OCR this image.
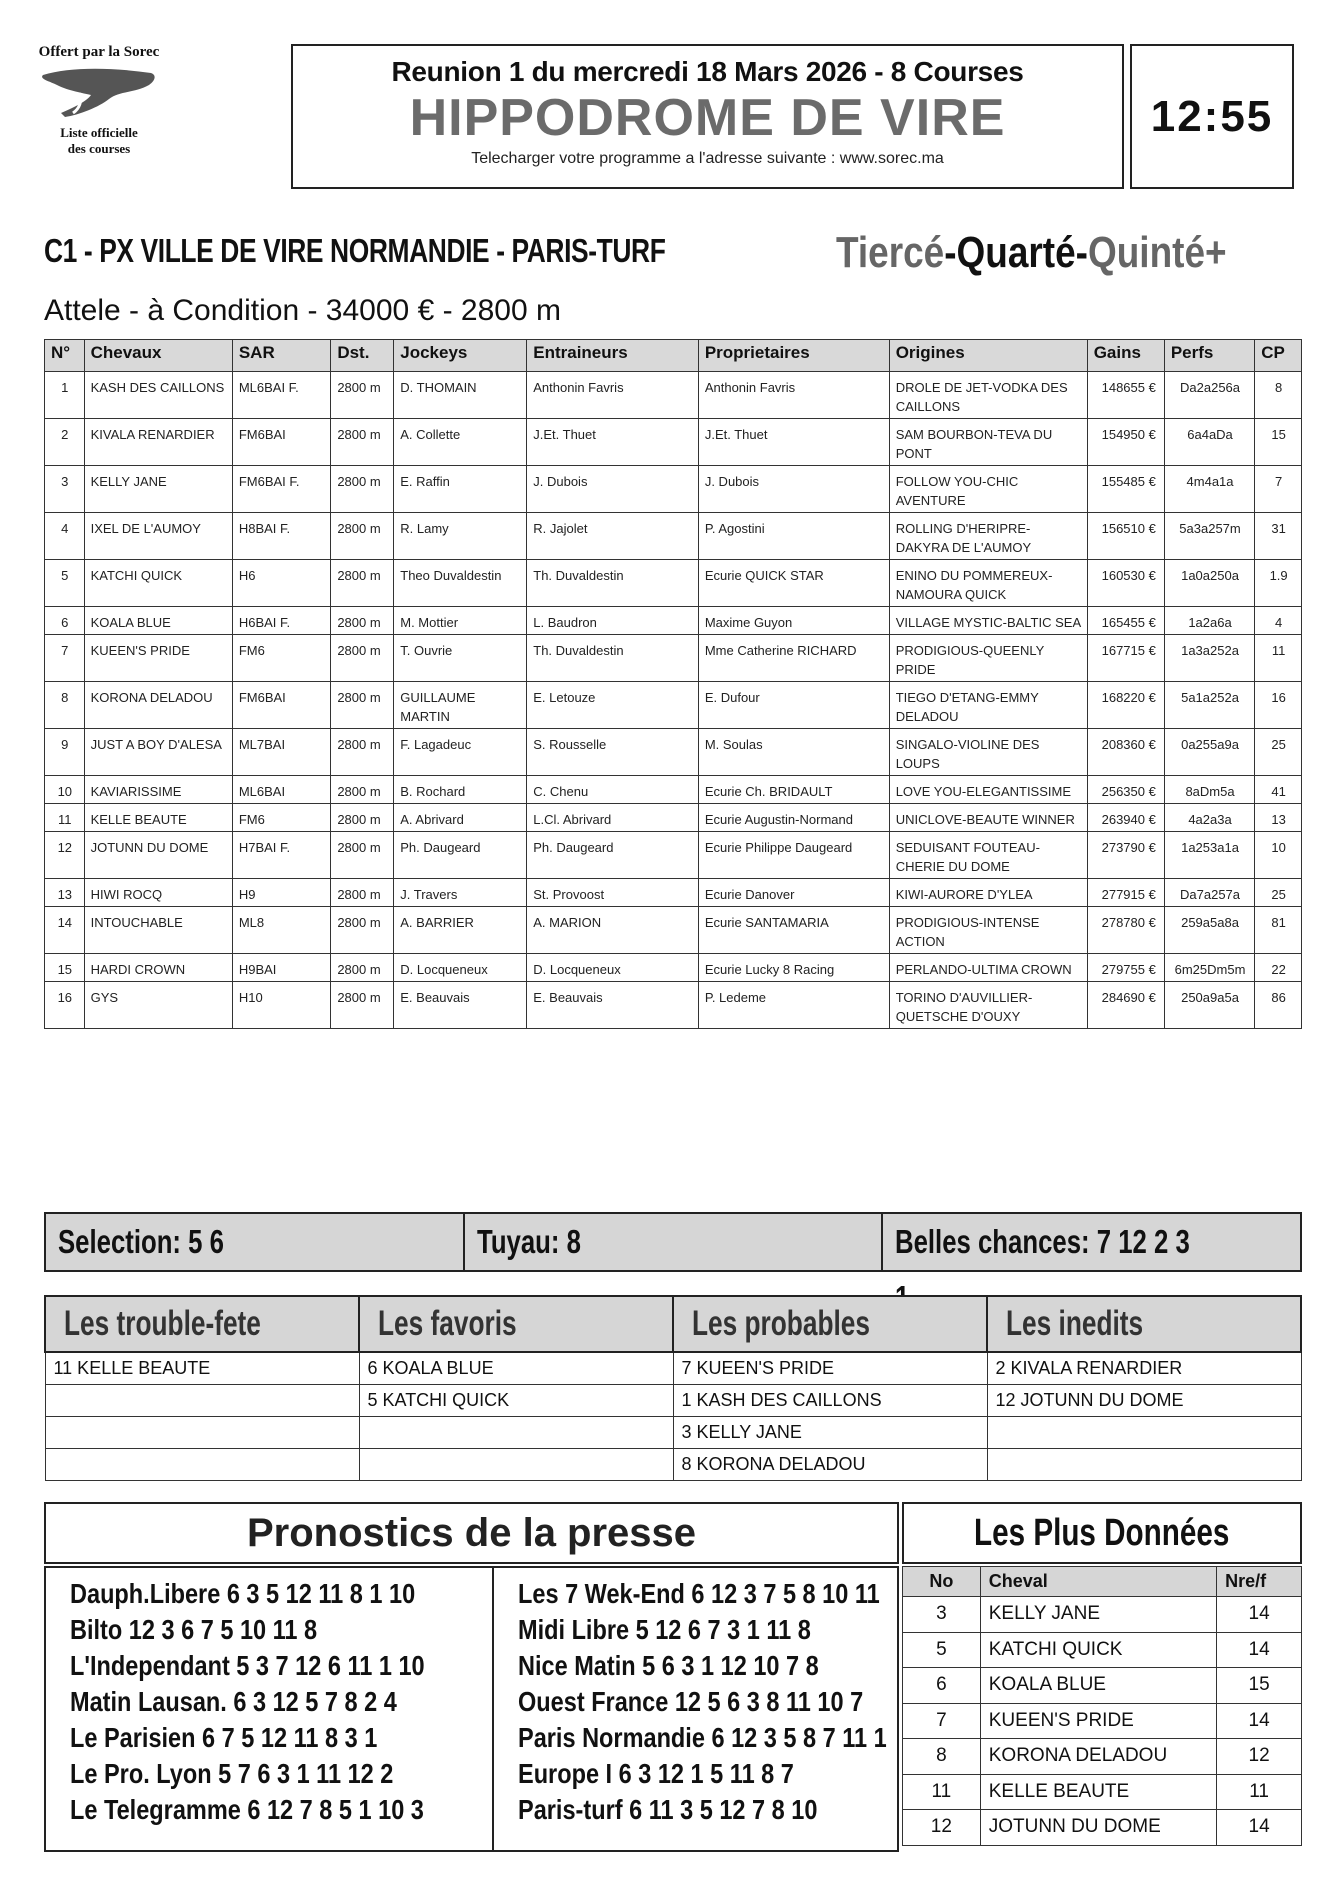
Offert par la Sorec
Liste officielle
des courses
Reunion 1 du mercredi 18 Mars 2026 - 8 Courses
HIPPODROME DE VIRE
Telecharger votre programme a l'adresse suivante : www.sorec.ma
12:55
C1 - PX VILLE DE VIRE NORMANDIE - PARIS-TURF	Tiercé-Quarté-Quinté+
Attele - à Condition - 34000 € - 2800 m
N°	Chevaux	SAR	Dst.	Jockeys	Entraineurs	Proprietaires	Origines	Gains	Perfs	CP
1	KASH DES CAILLONS	ML6BAI F.	2800 m	D. THOMAIN	Anthonin Favris	Anthonin Favris	DROLE DE JET-VODKA DES CAILLONS	148655 €	Da2a256a	8
2	KIVALA RENARDIER	FM6BAI	2800 m	A. Collette	J.Et. Thuet	J.Et. Thuet	SAM BOURBON-TEVA DU PONT	154950 €	6a4aDa	15
3	KELLY JANE	FM6BAI F.	2800 m	E. Raffin	J. Dubois	J. Dubois	FOLLOW YOU-CHIC AVENTURE	155485 €	4m4a1a	7
4	IXEL DE L'AUMOY	H8BAI F.	2800 m	R. Lamy	R. Jajolet	P. Agostini	ROLLING D'HERIPRE-DAKYRA DE L'AUMOY	156510 €	5a3a257m	31
5	KATCHI QUICK	H6	2800 m	Theo Duvaldestin	Th. Duvaldestin	Ecurie QUICK STAR	ENINO DU POMMEREUX-NAMOURA QUICK	160530 €	1a0a250a	1.9
6	KOALA BLUE	H6BAI F.	2800 m	M. Mottier	L. Baudron	Maxime Guyon	VILLAGE MYSTIC-BALTIC SEA	165455 €	1a2a6a	4
7	KUEEN'S PRIDE	FM6	2800 m	T. Ouvrie	Th. Duvaldestin	Mme Catherine RICHARD	PRODIGIOUS-QUEENLY PRIDE	167715 €	1a3a252a	11
8	KORONA DELADOU	FM6BAI	2800 m	GUILLAUME MARTIN	E. Letouze	E. Dufour	TIEGO D'ETANG-EMMY DELADOU	168220 €	5a1a252a	16
9	JUST A BOY D'ALESA	ML7BAI	2800 m	F. Lagadeuc	S. Rousselle	M. Soulas	SINGALO-VIOLINE DES LOUPS	208360 €	0a255a9a	25
10	KAVIARISSIME	ML6BAI	2800 m	B. Rochard	C. Chenu	Ecurie Ch. BRIDAULT	LOVE YOU-ELEGANTISSIME	256350 €	8aDm5a	41
11	KELLE BEAUTE	FM6	2800 m	A. Abrivard	L.Cl. Abrivard	Ecurie Augustin-Normand	UNICLOVE-BEAUTE WINNER	263940 €	4a2a3a	13
12	JOTUNN DU DOME	H7BAI F.	2800 m	Ph. Daugeard	Ph. Daugeard	Ecurie Philippe Daugeard	SEDUISANT FOUTEAU-CHERIE DU DOME	273790 €	1a253a1a	10
13	HIWI ROCQ	H9	2800 m	J. Travers	St. Provoost	Ecurie Danover	KIWI-AURORE D'YLEA	277915 €	Da7a257a	25
14	INTOUCHABLE	ML8	2800 m	A. BARRIER	A. MARION	Ecurie SANTAMARIA	PRODIGIOUS-INTENSE ACTION	278780 €	259a5a8a	81
15	HARDI CROWN	H9BAI	2800 m	D. Locqueneux	D. Locqueneux	Ecurie Lucky 8 Racing	PERLANDO-ULTIMA CROWN	279755 €	6m25Dm5m	22
16	GYS	H10	2800 m	E. Beauvais	E. Beauvais	P. Ledeme	TORINO D'AUVILLIER-QUETSCHE D'OUXY	284690 €	250a9a5a	86
Selection: 5 6	Tuyau: 8	Belles chances: 7 12 2 3
Les trouble-fete	Les favoris	Les probables	Les inedits
11 KELLE BEAUTE	6 KOALA BLUE	7 KUEEN'S PRIDE	2 KIVALA RENARDIER
	5 KATCHI QUICK	1 KASH DES CAILLONS	12 JOTUNN DU DOME
		3 KELLY JANE	
		8 KORONA DELADOU	
Pronostics de la presse
Dauph.Libere 6 3 5 12 11 8 1 10
Bilto 12 3 6 7 5 10 11 8
L'Independant 5 3 7 12 6 11 1 10
Matin Lausan. 6 3 12 5 7 8 2 4
Le Parisien 6 7 5 12 11 8 3 1
Le Pro. Lyon 5 7 6 3 1 11 12 2
Le Telegramme 6 12 7 8 5 1 10 3
Les 7 Wek-End 6 12 3 7 5 8 10 11
Midi Libre 5 12 6 7 3 1 11 8
Nice Matin 5 6 3 1 12 10 7 8
Ouest France 12 5 6 3 8 11 10 7
Paris Normandie 6 12 3 5 8 7 11 1
Europe I 6 3 12 1 5 11 8 7
Paris-turf 6 11 3 5 12 7 8 10
Les Plus Données
No	Cheval	Nre/f
3	KELLY JANE	14
5	KATCHI QUICK	14
6	KOALA BLUE	15
7	KUEEN'S PRIDE	14
8	KORONA DELADOU	12
11	KELLE BEAUTE	11
12	JOTUNN DU DOME	14
